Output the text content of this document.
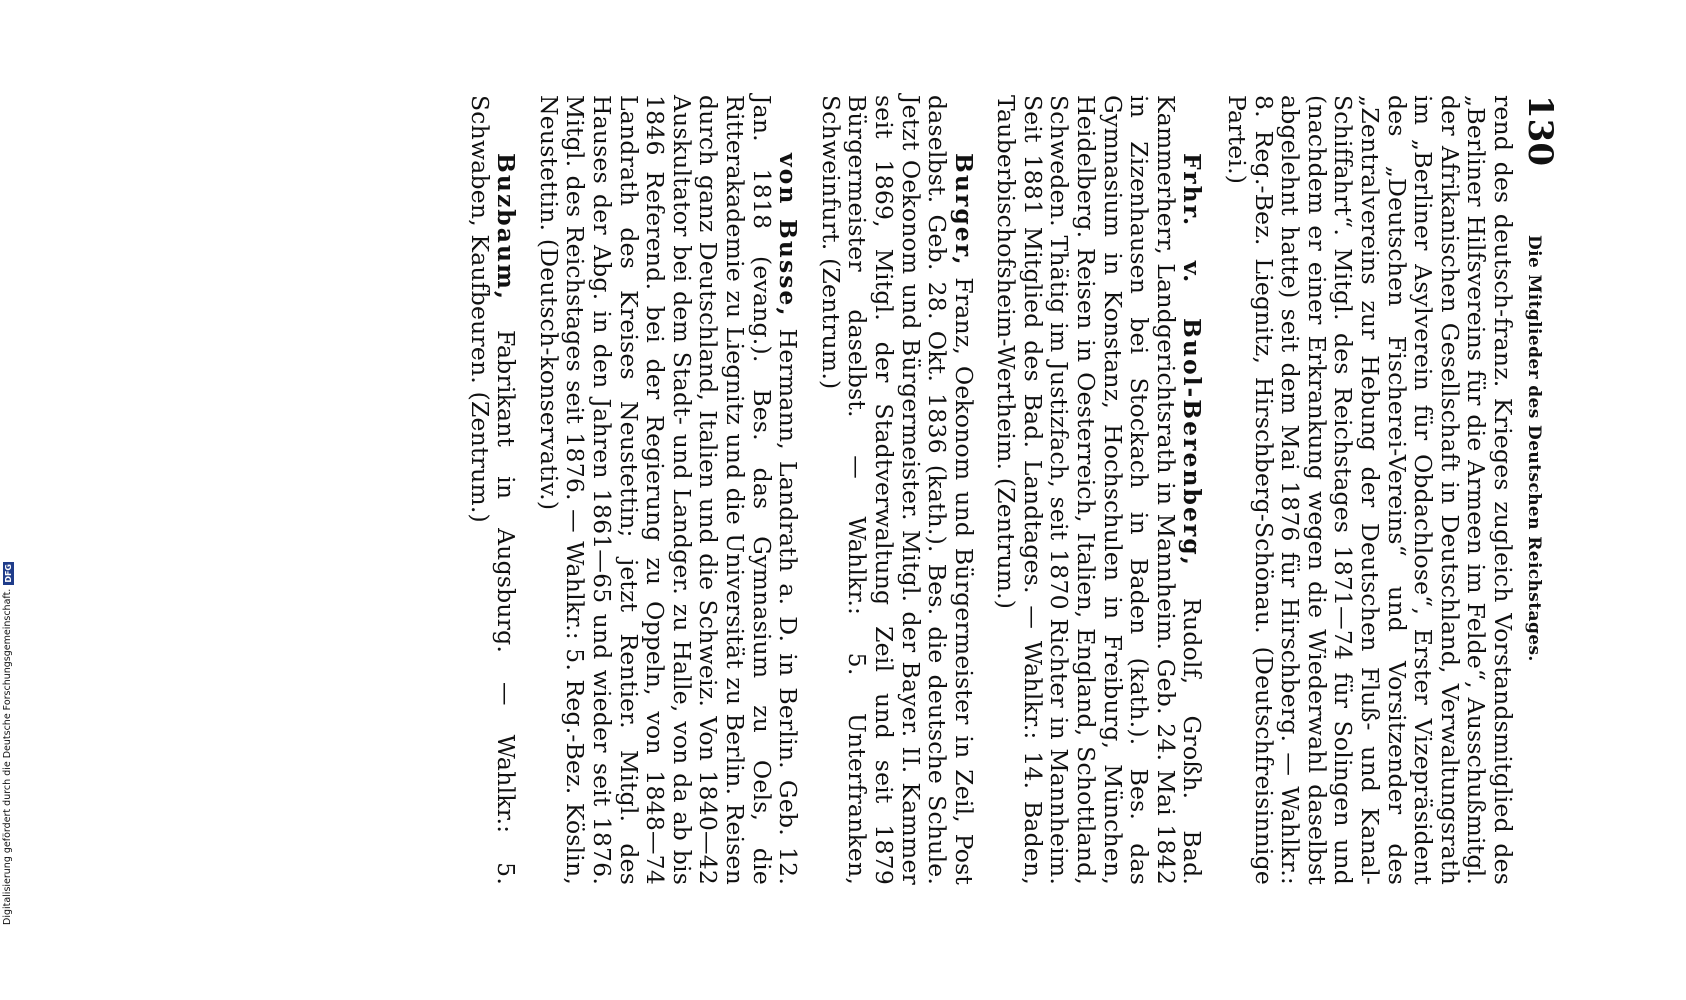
130
Die Mitglieder des Deutschen Reichstages.

rend des deutsch-franz. Krieges zugleich Vorstandsmitglied des „Berliner Hilfsvereins für die Armeen im Felde“, Ausschußmitgl. der Afrikanischen Gesellschaft in Deutschland, Verwaltungsrath im „Berliner Asylverein für Obdachlose“, Erster Vizepräsident des „Deutschen Fischerei-Vereins“ und Vorsitzender des „Zentralvereins zur Hebung der Deutschen Fluß- und Kanal-Schiffahrt“. Mitgl. des Reichstages 1871—74 für Solingen und (nachdem er einer Erkrankung wegen die Wiederwahl daselbst abgelehnt hatte) seit dem Mai 1876 für Hirschberg. — Wahlkr.: 8. Reg.-Bez. Liegnitz, Hirschberg-Schönau. (Deutschfreisinnige Partei.)

Frhr. v. Buol-Berenberg, Rudolf, Großh. Bad. Kammerherr, Landgerichtsrath in Mannheim. Geb. 24. Mai 1842 in Zizenhausen bei Stockach in Baden (kath.). Bes. das Gymnasium in Konstanz, Hochschulen in Freiburg, München, Heidelberg. Reisen in Oesterreich, Italien, England, Schottland, Schweden. Thätig im Justizfach, seit 1870 Richter in Mannheim. Seit 1881 Mitglied des Bad. Landtages. — Wahlkr.: 14. Baden, Tauberbischofsheim-Wertheim. (Zentrum.)

Burger, Franz, Oekonom und Bürgermeister in Zeil, Post daselbst. Geb. 28. Okt. 1836 (kath.). Bes. die deutsche Schule. Jetzt Oekonom und Bürgermeister. Mitgl. der Bayer. II. Kammer seit 1869, Mitgl. der Stadtverwaltung Zeil und seit 1879 Bürgermeister daselbst. — Wahlkr.: 5. Unterfranken, Schweinfurt. (Zentrum.)

von Busse, Hermann, Landrath a. D. in Berlin. Geb. 12. Jan. 1818 (evang.). Bes. das Gymnasium zu Oels, die Ritterakademie zu Liegnitz und die Universität zu Berlin. Reisen durch ganz Deutschland, Italien und die Schweiz. Von 1840—42 Auskultator bei dem Stadt- und Landger. zu Halle, von da ab bis 1846 Referend. bei der Regierung zu Oppeln, von 1848—74 Landrath des Kreises Neustettin; jetzt Rentier. Mitgl. des Hauses der Abg. in den Jahren 1861—65 und wieder seit 1876. Mitgl. des Reichstages seit 1876. — Wahlkr.: 5. Reg.-Bez. Köslin, Neustettin. (Deutsch-konservativ.)

Buzbaum, Fabrikant in Augsburg. — Wahlkr.: 5. Schwaben, Kaufbeuren. (Zentrum.)

Digitalisierung gefördert durch die Deutsche Forschungsgemeinschaft.
DFG
